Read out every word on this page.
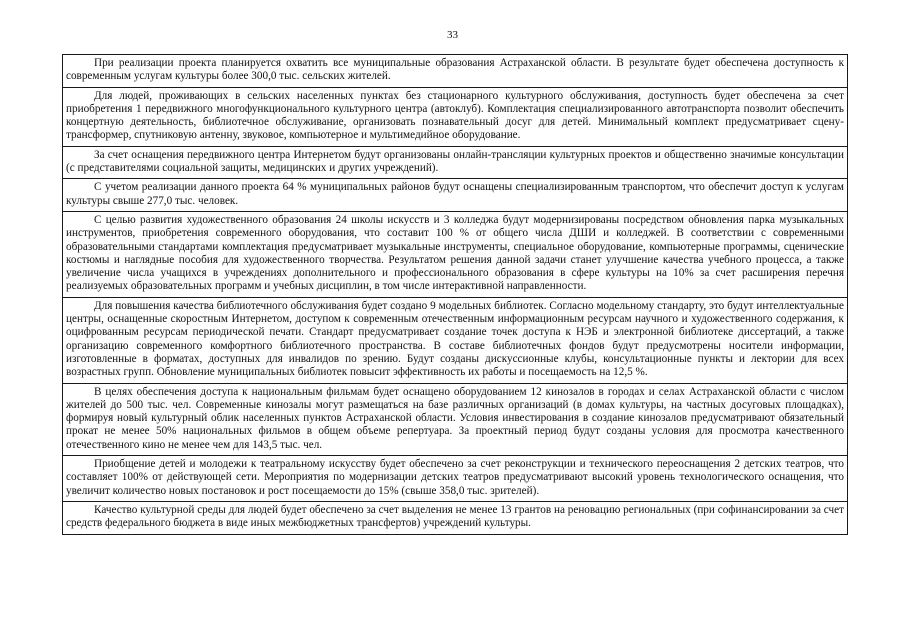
33
При реализации проекта планируется охватить все муниципальные образования Астраханской области. В результате будет обеспечена доступность к современным услугам культуры более 300,0 тыс. сельских жителей.
Для людей, проживающих в сельских населенных пунктах без стационарного культурного обслуживания, доступность будет обеспечена за счет приобретения 1 передвижного многофункционального культурного центра (автоклуб). Комплектация специализированного автотранспорта позволит обеспечить концертную деятельность, библиотечное обслуживание, организовать познавательный досуг для детей. Минимальный комплект предусматривает сцену-трансформер, спутниковую антенну, звуковое, компьютерное и мультимедийное оборудование.
За счет оснащения передвижного центра Интернетом будут организованы онлайн-трансляции культурных проектов и общественно значимые консультации (с представителями социальной защиты, медицинских и других учреждений).
С учетом реализации данного проекта 64 % муниципальных районов будут оснащены специализированным транспортом, что обеспечит доступ к услугам культуры свыше 277,0 тыс. человек.
С целью развития художественного образования 24 школы искусств и 3 колледжа будут модернизированы посредством обновления парка музыкальных инструментов, приобретения современного оборудования, что составит 100 % от общего числа ДШИ и колледжей. В соответствии с современными образовательными стандартами комплектация предусматривает музыкальные инструменты, специальное оборудование, компьютерные программы, сценические костюмы и наглядные пособия для художественного творчества. Результатом решения данной задачи станет улучшение качества учебного процесса, а также увеличение числа учащихся в учреждениях дополнительного и профессионального образования в сфере культуры на 10% за счет расширения перечня реализуемых образовательных программ и учебных дисциплин, в том числе интерактивной направленности.
Для повышения качества библиотечного обслуживания будет создано 9 модельных библиотек. Согласно модельному стандарту, это будут интеллектуальные центры, оснащенные скоростным Интернетом, доступом к современным отечественным информационным ресурсам научного и художественного содержания, к оцифрованным ресурсам периодической печати. Стандарт предусматривает создание точек доступа к НЭБ и электронной библиотеке диссертаций, а также организацию современного комфортного библиотечного пространства. В составе библиотечных фондов будут предусмотрены носители информации, изготовленные в форматах, доступных для инвалидов по зрению. Будут созданы дискуссионные клубы, консультационные пункты и лектории для всех возрастных групп. Обновление муниципальных библиотек повысит эффективность их работы и посещаемость на 12,5 %.
В целях обеспечения доступа к национальным фильмам будет оснащено оборудованием 12 кинозалов в городах и селах Астраханской области с числом жителей до 500 тыс. чел. Современные кинозалы могут размещаться на базе различных организаций (в домах культуры, на частных досуговых площадках), формируя новый культурный облик населенных пунктов Астраханской области. Условия инвестирования в создание кинозалов предусматривают обязательный прокат не менее 50% национальных фильмов в общем объеме репертуара. За проектный период будут созданы условия для просмотра качественного отечественного кино не менее чем для 143,5 тыс. чел.
Приобщение детей и молодежи к театральному искусству будет обеспечено за счет реконструкции и технического переоснащения 2 детских театров, что составляет 100% от действующей сети. Мероприятия по модернизации детских театров предусматривают высокий уровень технологического оснащения, что увеличит количество новых постановок и рост посещаемости до 15% (свыше 358,0 тыс. зрителей).
Качество культурной среды для людей будет обеспечено за счет выделения не менее 13 грантов на реновацию региональных (при софинансировании за счет средств федерального бюджета в виде иных межбюджетных трансфертов) учреждений культуры.
